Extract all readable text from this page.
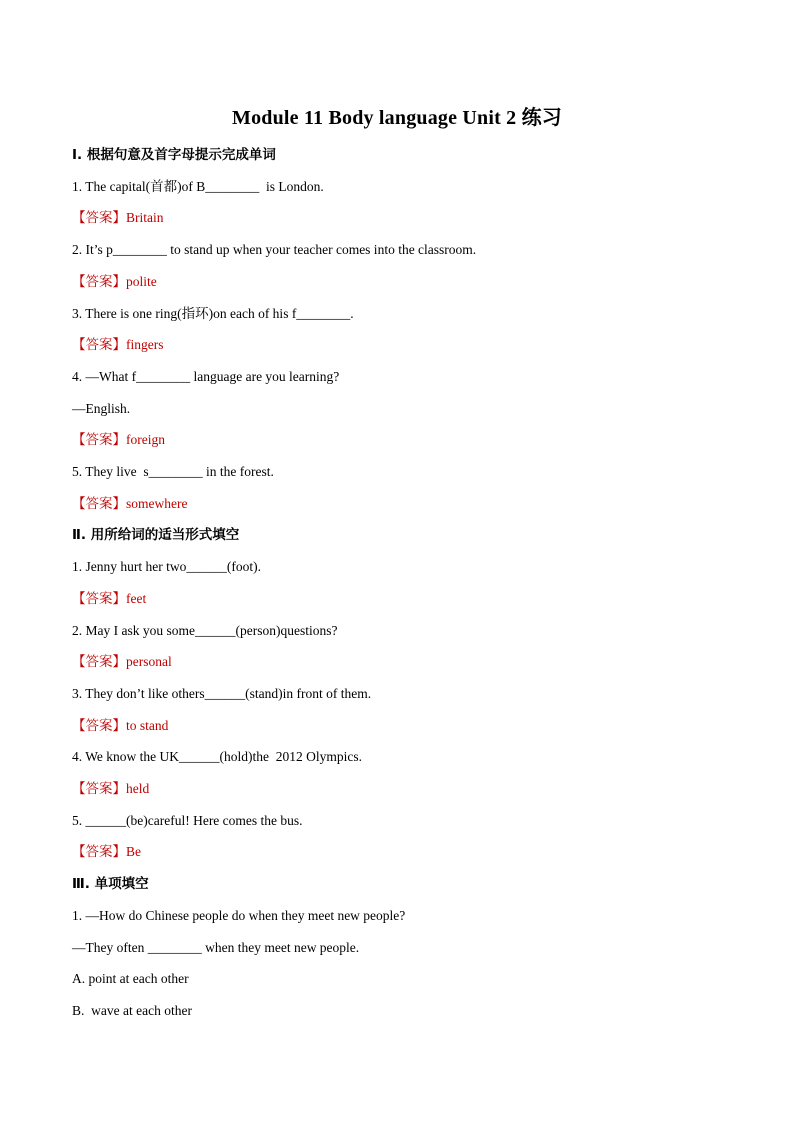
Module 11 Body language Unit 2 练习
Ⅰ. 根据句意及首字母提示完成单词
1. The capital(首都)of B________  is London.
【答案】Britain
2. It’s p________ to stand up when your teacher comes into the classroom.
【答案】polite
3. There is one ring(指环)on each of his f________.
【答案】fingers
4. —What f________ language are you learning?
—English.
【答案】foreign
5. They live  s________ in the forest.
【答案】somewhere
Ⅱ. 用所给词的适当形式填空
1. Jenny hurt her two______(foot).
【答案】feet
2. May I ask you some______(person)questions?
【答案】personal
3. They don’t like others______(stand)in front of them.
【答案】to stand
4. We know the UK______(hold)the  2012 Olympics.
【答案】held
5. ______(be)careful! Here comes the bus.
【答案】Be
Ⅲ. 单项填空
1. —How do Chinese people do when they meet new people?
—They often ________ when they meet new people.
A. point at each other
B.  wave at each other
